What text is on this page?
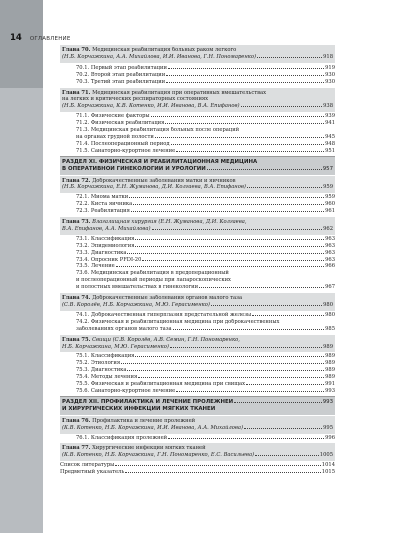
14 ОГЛАВЛЕНИЕ
Глава 70. Медицинская реабилитация больных раком легкого
(Н.Б. Корчажкина, А.А. Михайлова, И.И. Иванова, Г.Н. Пономаренко)	918
70.1. Первый этап реабилитации	919
70.2. Второй этап реабилитации	930
70.3. Третий этап реабилитации	930
Глава 71. Медицинская реабилитация при оперативных вмешательствах
на легких и критических респираторных состояниях
(Н.Б. Корчажкина, К.В. Котенко, И.И. Иванова, В.А. Епифанов)	938
71.1. Физические факторы	939
71.2. Физическая реабилитация	941
71.3. Медицинская реабилитация больных после операций
на органах грудной полости	945
71.4. Послеоперационный период	948
71.5. Санаторно-курортное лечение	951
РАЗДЕЛ XI. ФИЗИЧЕСКАЯ И РЕАБИЛИТАЦИОННАЯ МЕДИЦИНА
В ОПЕРАТИВНОЙ ГИНЕКОЛОГИИ И УРОЛОГИИ	957
Глава 72. Доброкачественные заболевания матки и яичников
(Н.Б. Корчажкина, Е.Н. Жуманова, Д.И. Колгаева, В.А. Епифанов)	959
72.1. Миома матки	959
72.2. Киста яичника	960
72.3. Реабилитация	961
Глава 73. Влагалищная хирургия (Е.Н. Жуманова, Д.И. Колгаева,
В.А. Епифанов, А.А. Михайлова)	962
73.1. Классификация	963
73.2. Эпидемиология	963
73.3. Диагностика	963
73.4. Опросник PFDI-20	963
73.5. Лечение	966
73.6. Медицинская реабилитация в предоперационный
и послеоперационный периоды при лапароскопических
и полостных вмешательствах в гинекологии	967
Глава 74. Доброкачественные заболевания органов малого таза
(С.В. Королёв, Н.Б. Корчажкина, М.Ю. Герасименко)	980
74.1. Доброкачественная гиперплазия предстательной железы	980
74.2. Физическая и реабилитационная медицина при доброкачественных
заболеваниях органов малого таза	985
Глава 75. Свищи (С.В. Королёв, А.В. Семин, Г.Н. Пономаренко,
Н.Б. Корчажкина, М.Ю. Герасименко)	989
75.1. Классификация	989
75.2. Этиология	989
75.3. Диагностика	989
75.4. Методы лечения	989
75.5. Физическая и реабилитационная медицина при свищах	991
75.6. Санаторно-курортное лечение	993
РАЗДЕЛ XII. ПРОФИЛАКТИКА И ЛЕЧЕНИЕ ПРОЛЕЖНЕЙ	993
И ХИРУРГИЧЕСКИХ ИНФЕКЦИЙ МЯГКИХ ТКАНЕЙ
Глава 76. Профилактика и лечение пролежней
(К.В. Котенко, Н.Б. Корчажкина, И.И. Иванова, А.А. Михайлова)	995
76.1. Классификация пролежней	996
Глава 77. Хирургические инфекции мягких тканей
(К.В. Котенко, Н.Б. Корчажкина, Г.Н. Пономаренко, Е.С. Васильева)	1005
Список литературы	1014
Предметный указатель	1015
